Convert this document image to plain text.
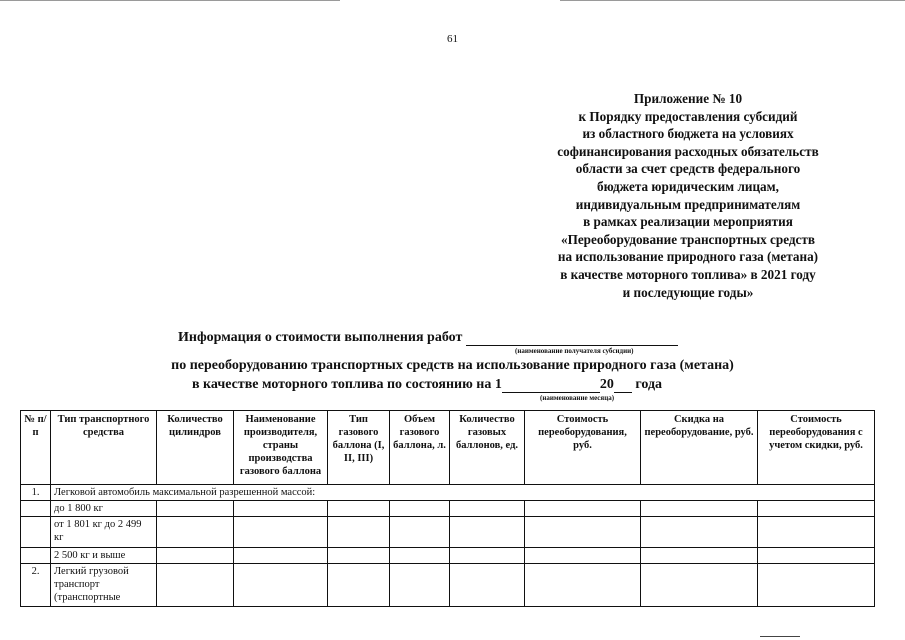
61
Приложение № 10
к Порядку предоставления субсидий
из областного бюджета на условиях
софинансирования расходных обязательств
области за счет средств федерального
бюджета юридическим лицам,
индивидуальным предпринимателям
в рамках реализации мероприятия
«Переоборудование транспортных средств
на использование природного газа (метана)
в качестве моторного топлива» в 2021 году
и последующие годы»
Информация о стоимости выполнения работ
(наименование получателя субсидии)
по переоборудованию транспортных средств на использование природного газа (метана)
в качестве моторного топлива по состоянию на 1	20 года
(наименование месяца)
№ п/п	Тип транспортного средства	Количество цилиндров	Наименование производителя, страны производства газового баллона	Тип газового баллона (I, II, III)	Объем газового баллона, л.	Количество газовых баллонов, ед.	Стоимость переоборудования, руб.	Скидка на переоборудование, руб.	Стоимость переоборудования с учетом скидки, руб.
1.	Легковой автомобиль максимальной разрешенной массой:								
	до 1 800 кг								
	от 1 801 кг до 2 499 кг								
	2 500 кг и выше								
2.	Легкий грузовой транспорт (транспортные								
